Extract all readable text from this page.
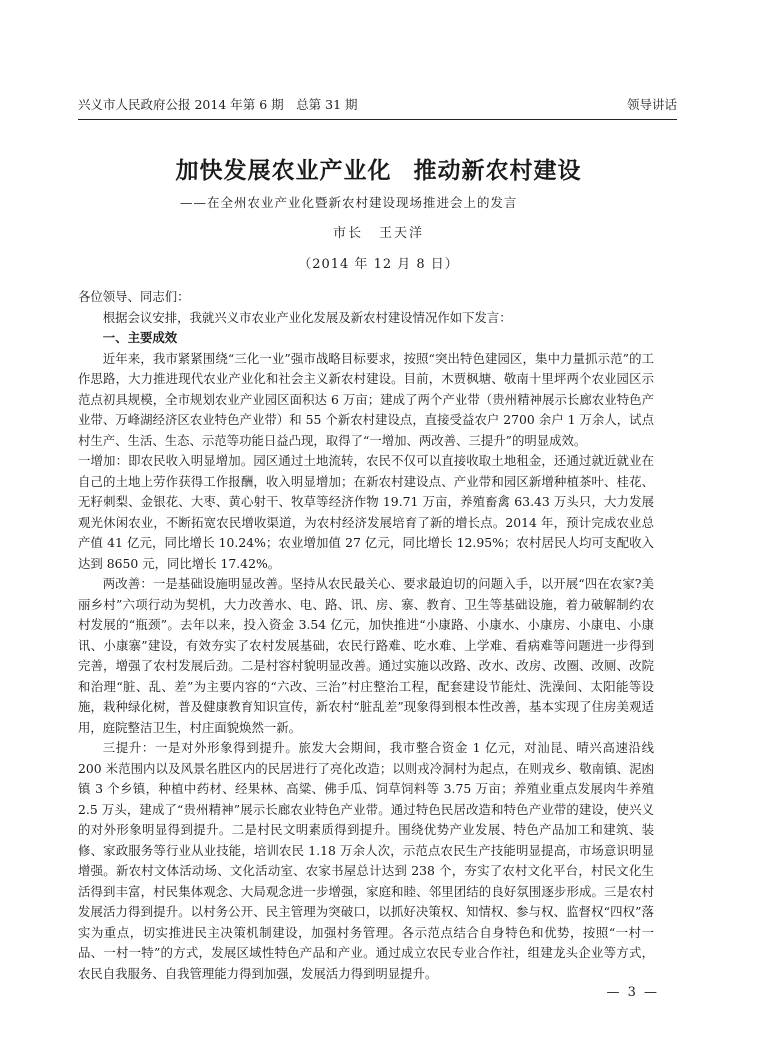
兴义市人民政府公报 2014 年第 6 期　总第 31 期	领导讲话
加快发展农业产业化 推动新农村建设
——在全州农业产业化暨新农村建设现场推进会上的发言
市长 王天洋
（2014 年 12 月 8 日）

各位领导、同志们：

根据会议安排，我就兴义市农业产业化发展及新农村建设情况作如下发言：

一、主要成效

近年来，我市紧紧围绕“三化一业”强市战略目标要求，按照“突出特色建园区，集中力量抓示范”的工作思路，大力推进现代农业产业化和社会主义新农村建设。目前，木贾枫塘、敬南十里坪两个农业园区示范点初具规模，全市规划农业产业园区面积达 6 万亩；建成了两个产业带（贵州精神展示长廊农业特色产业带、万峰湖经济区农业特色产业带）和 55 个新农村建设点，直接受益农户 2700 余户 1 万余人，试点村生产、生活、生态、示范等功能日益凸现，取得了“一增加、两改善、三提升”的明显成效。

一增加：即农民收入明显增加。园区通过土地流转，农民不仅可以直接收取土地租金，还通过就近就业在自己的土地上劳作获得工作报酬，收入明显增加；在新农村建设点、产业带和园区新增种植茶叶、桂花、无籽刺梨、金银花、大枣、黄心射干、牧草等经济作物 19.71 万亩，养殖畜禽 63.43 万头只，大力发展观光休闲农业，不断拓宽农民增收渠道，为农村经济发展培育了新的增长点。2014 年，预计完成农业总产值 41 亿元，同比增长 10.24%；农业增加值 27 亿元，同比增长 12.95%；农村居民人均可支配收入达到 8650 元，同比增长 17.42%。

两改善：一是基础设施明显改善。坚持从农民最关心、要求最迫切的问题入手，以开展“四在农家?美丽乡村”六项行动为契机，大力改善水、电、路、讯、房、寨、教育、卫生等基础设施，着力破解制约农村发展的“瓶颈”。去年以来，投入资金 3.54 亿元，加快推进“小康路、小康水、小康房、小康电、小康讯、小康寨”建设，有效夯实了农村发展基础，农民行路难、吃水难、上学难、看病难等问题进一步得到完善，增强了农村发展后劲。二是村容村貌明显改善。通过实施以改路、改水、改房、改圈、改厕、改院和治理“脏、乱、差”为主要内容的“六改、三治”村庄整治工程，配套建设节能灶、洗澡间、太阳能等设施，栽种绿化树，普及健康教育知识宣传，新农村“脏乱差”现象得到根本性改善，基本实现了住房美观适用，庭院整洁卫生，村庄面貌焕然一新。

三提升：一是对外形象得到提升。旅发大会期间，我市整合资金 1 亿元，对汕昆、晴兴高速沿线 200 米范围内以及风景名胜区内的民居进行了亮化改造；以则戎冷洞村为起点，在则戎乡、敬南镇、泥凼镇 3 个乡镇，种植中药材、经果林、高粱、佛手瓜、饲草饲料等 3.75 万亩；养殖业重点发展肉牛养殖 2.5 万头，建成了“贵州精神”展示长廊农业特色产业带。通过特色民居改造和特色产业带的建设，使兴义的对外形象明显得到提升。二是村民文明素质得到提升。围绕优势产业发展、特色产品加工和建筑、装修、家政服务等行业从业技能，培训农民 1.18 万余人次，示范点农民生产技能明显提高，市场意识明显增强。新农村文体活动场、文化活动室、农家书屋总计达到 238 个，夯实了农村文化平台，村民文化生活得到丰富，村民集体观念、大局观念进一步增强，家庭和睦、邻里团结的良好氛围逐步形成。三是农村发展活力得到提升。以村务公开、民主管理为突破口，以抓好决策权、知情权、参与权、监督权“四权”落实为重点，切实推进民主决策机制建设，加强村务管理。各示范点结合自身特色和优势，按照“一村一品、一村一特”的方式，发展区域性特色产品和产业。通过成立农民专业合作社，组建龙头企业等方式，农民自我服务、自我管理能力得到加强，发展活力得到明显提升。

— 3 —
